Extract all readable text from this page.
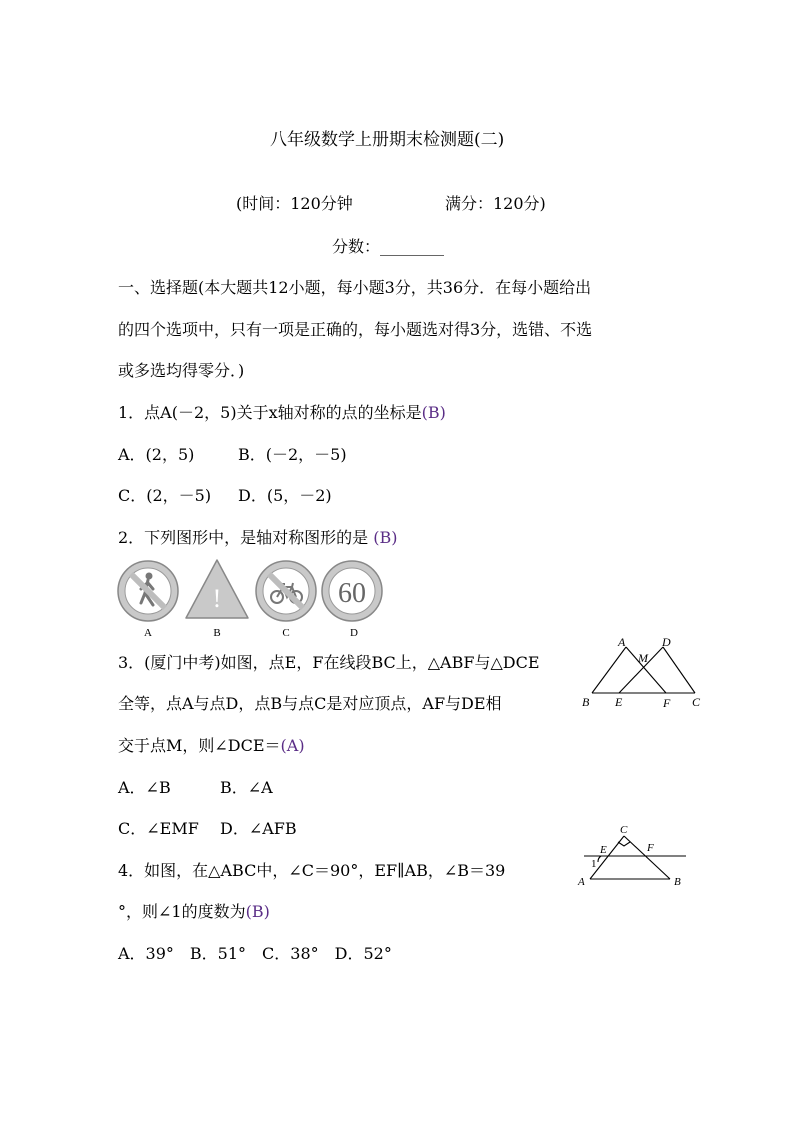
八年级数学上册期末检测题(二)
(时间：120分钟	满分：120分)
分数：________
一、选择题(本大题共12小题，每小题3分，共36分．在每小题给出
的四个选项中，只有一项是正确的，每小题选对得3分，选错、不选
或多选均得零分．)
1．点A(－2，5)关于x轴对称的点的坐标是(B)
A．(2，5)	B．(－2，－5)
C．(2，－5) D．(5，－2)
2．下列图形中，是轴对称图形的是 (B)
!	60
A	B	C	D
3．(厦门中考)如图，点E，F在线段BC上，△ABF与△DCE
全等，点A与点D，点B与点C是对应顶点，AF与DE相
交于点M，则∠DCE＝(A)
A．∠B	B．∠A
C．∠EMF D．∠AFB
A	D
M
B E	F C
4．如图，在△ABC中，∠C＝90°，EF∥AB，∠B＝39
°，则∠1的度数为(B)
A．39°　B．51°　C．38°　D．52°
C
E	F
1
A	B
